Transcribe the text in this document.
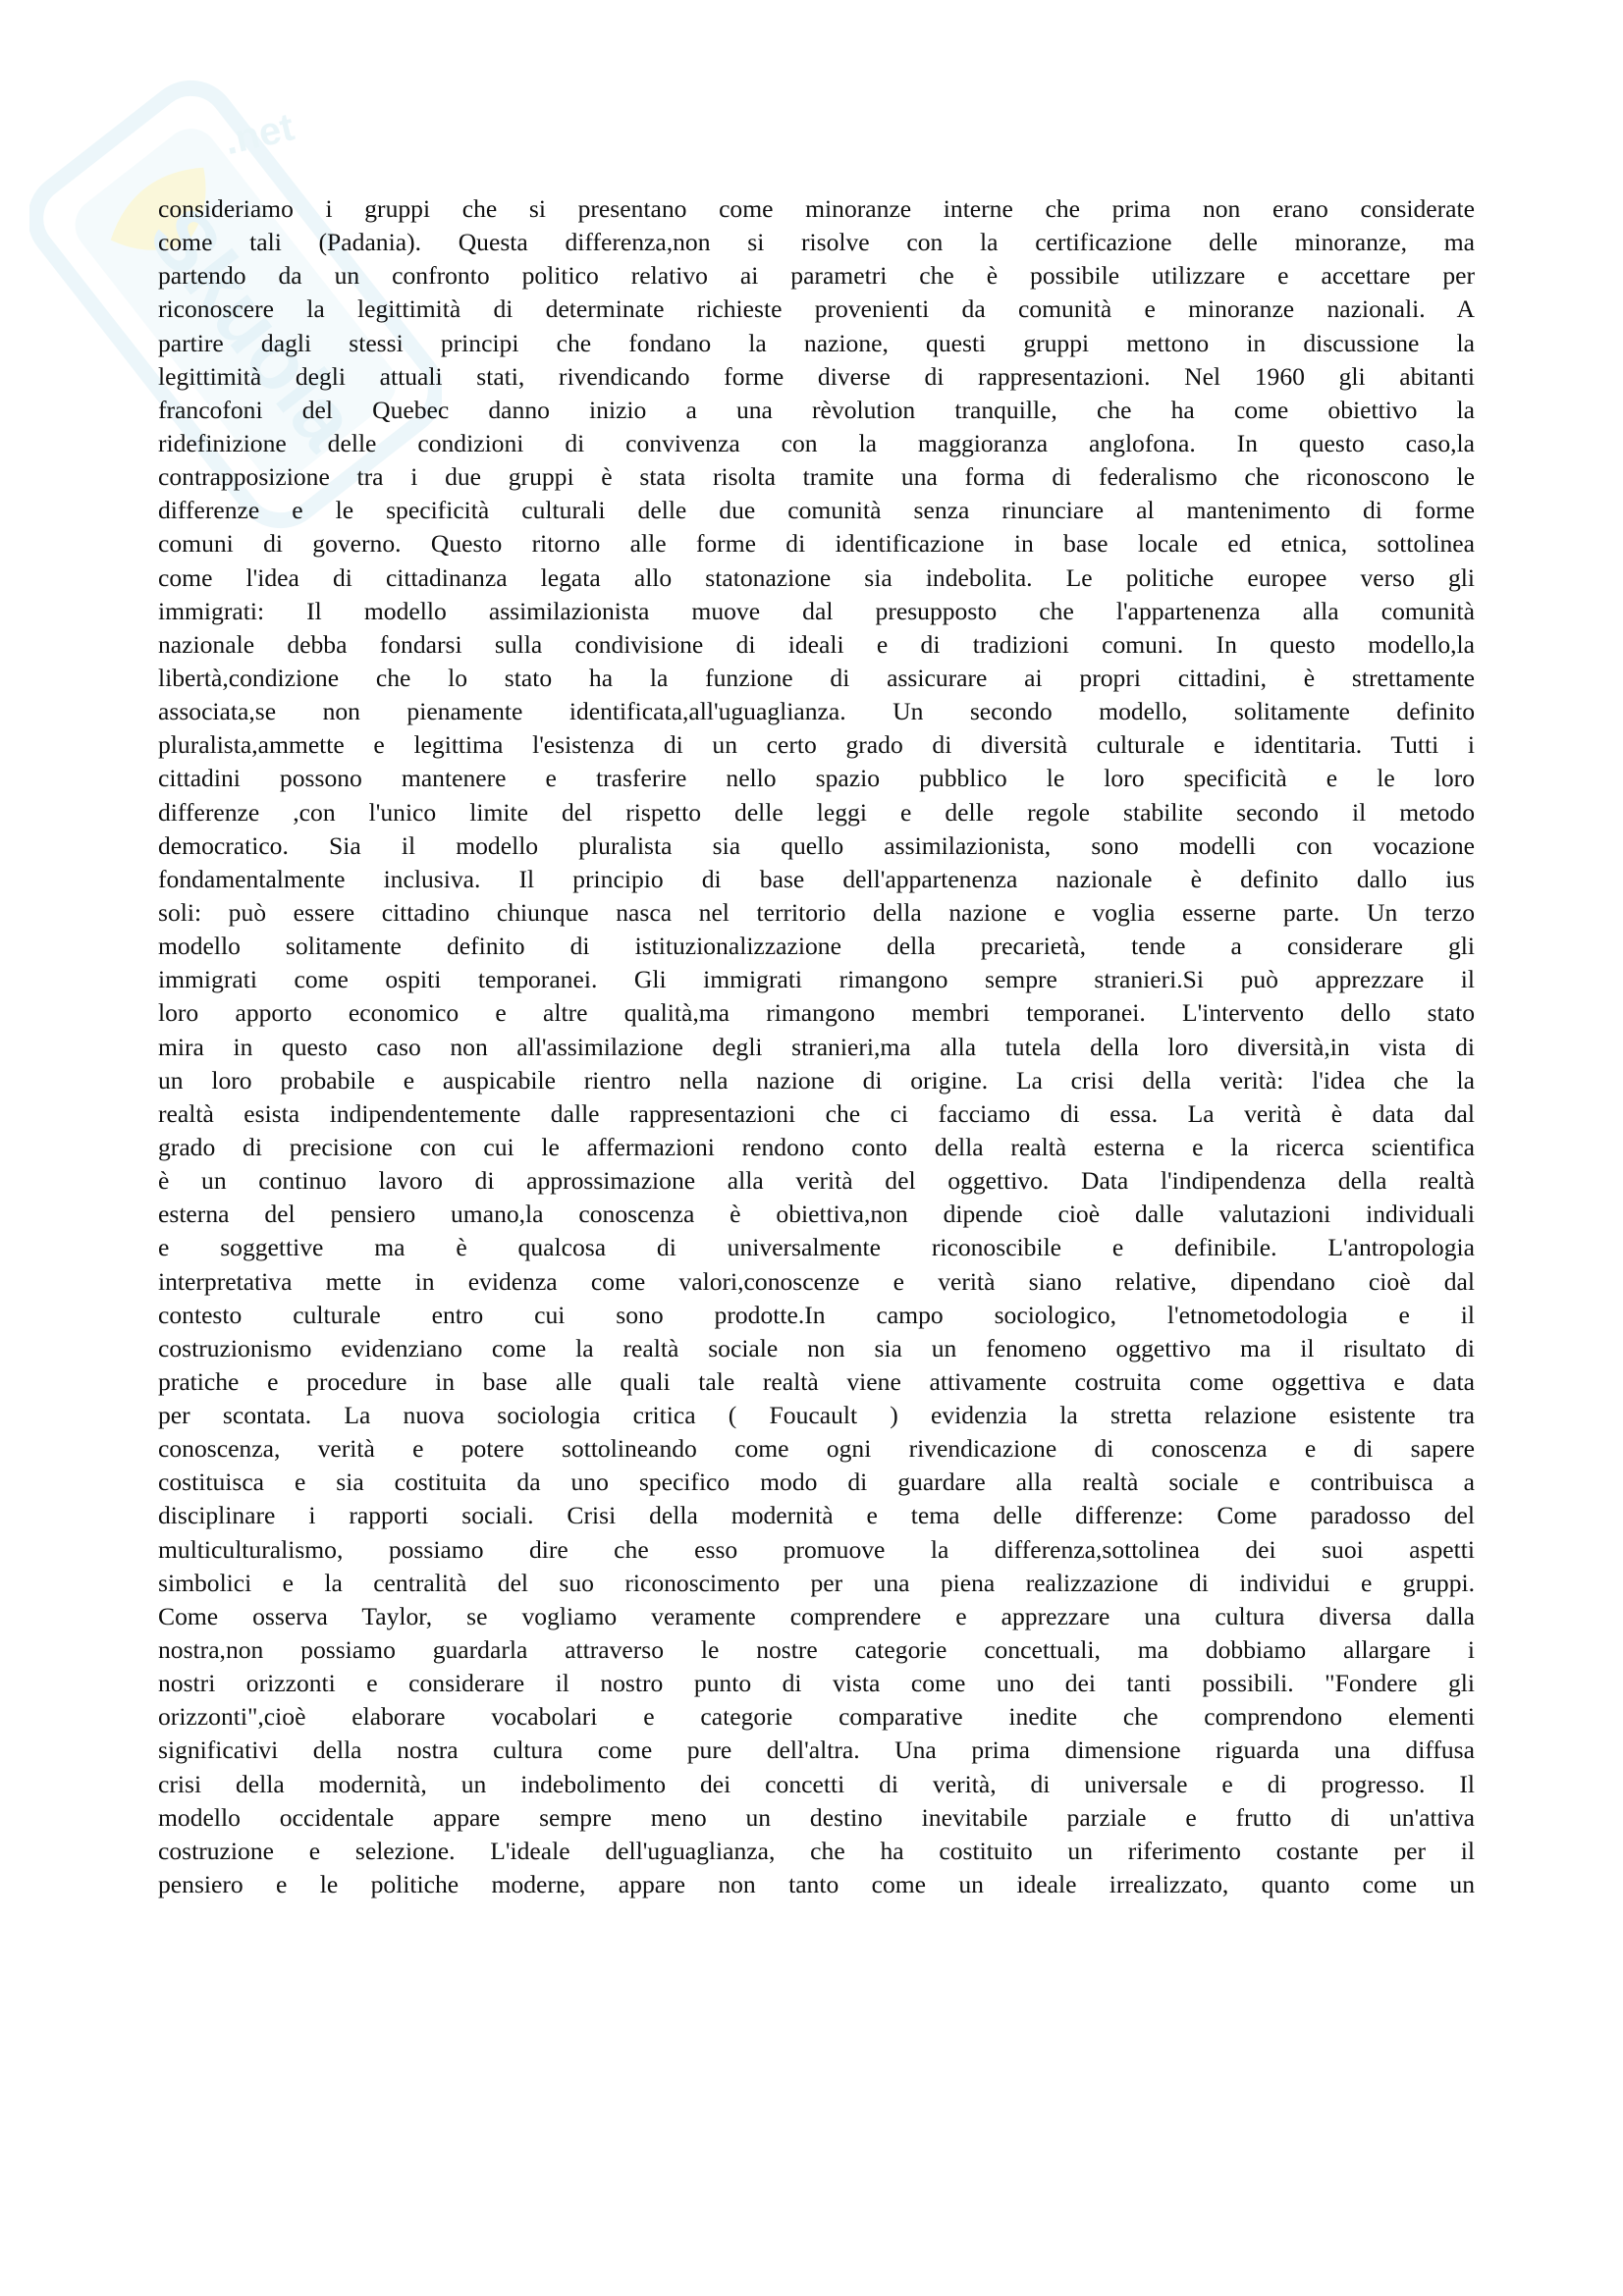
Skuola
.net
consideriamo i gruppi che si presentano come minoranze interne che prima non erano considerate
come tali (Padania). Questa differenza,non si risolve con la certificazione delle minoranze, ma
partendo da un confronto politico relativo ai parametri che è possibile utilizzare e accettare per
riconoscere la legittimità di determinate richieste provenienti da comunità e minoranze nazionali. A
partire dagli stessi principi che fondano la nazione, questi gruppi mettono in discussione la
legittimità degli attuali stati, rivendicando forme diverse di rappresentazioni. Nel 1960 gli abitanti
francofoni del Quebec danno inizio a una rèvolution tranquille, che ha come obiettivo la
ridefinizione delle condizioni di convivenza con la maggioranza anglofona. In questo caso,la
contrapposizione tra i due gruppi è stata risolta tramite una forma di federalismo che riconoscono le
differenze e le specificità culturali delle due comunità senza rinunciare al mantenimento di forme
comuni di governo. Questo ritorno alle forme di identificazione in base locale ed etnica, sottolinea
come l'idea di cittadinanza legata allo statonazione sia indebolita. Le politiche europee verso gli
immigrati: Il modello assimilazionista muove dal presupposto che l'appartenenza alla comunità
nazionale debba fondarsi sulla condivisione di ideali e di tradizioni comuni. In questo modello,la
libertà,condizione che lo stato ha la funzione di assicurare ai propri cittadini, è strettamente
associata,se non pienamente identificata,all'uguaglianza. Un secondo modello, solitamente definito
pluralista,ammette e legittima l'esistenza di un certo grado di diversità culturale e identitaria. Tutti i
cittadini possono mantenere e trasferire nello spazio pubblico le loro specificità e le loro
differenze ,con l'unico limite del rispetto delle leggi e delle regole stabilite secondo il metodo
democratico. Sia il modello pluralista sia quello assimilazionista, sono modelli con vocazione
fondamentalmente inclusiva. Il principio di base dell'appartenenza nazionale è definito dallo ius
soli: può essere cittadino chiunque nasca nel territorio della nazione e voglia esserne parte. Un terzo
modello solitamente definito di istituzionalizzazione della precarietà, tende a considerare gli
immigrati come ospiti temporanei. Gli immigrati rimangono sempre stranieri.Si può apprezzare il
loro apporto economico e altre qualità,ma rimangono membri temporanei. L'intervento dello stato
mira in questo caso non all'assimilazione degli stranieri,ma alla tutela della loro diversità,in vista di
un loro probabile e auspicabile rientro nella nazione di origine. La crisi della verità: l'idea che la
realtà esista indipendentemente dalle rappresentazioni che ci facciamo di essa. La verità è data dal
grado di precisione con cui le affermazioni rendono conto della realtà esterna e la ricerca scientifica
è un continuo lavoro di approssimazione alla verità del oggettivo. Data l'indipendenza della realtà
esterna del pensiero umano,la conoscenza è obiettiva,non dipende cioè dalle valutazioni individuali
e soggettive ma è qualcosa di universalmente riconoscibile e definibile. L'antropologia
interpretativa mette in evidenza come valori,conoscenze e verità siano relative, dipendano cioè dal
contesto culturale entro cui sono prodotte.In campo sociologico, l'etnometodologia e il
costruzionismo evidenziano come la realtà sociale non sia un fenomeno oggettivo ma il risultato di
pratiche e procedure in base alle quali tale realtà viene attivamente costruita come oggettiva e data
per scontata. La nuova sociologia critica ( Foucault ) evidenzia la stretta relazione esistente tra
conoscenza, verità e potere sottolineando come ogni rivendicazione di conoscenza e di sapere
costituisca e sia costituita da uno specifico modo di guardare alla realtà sociale e contribuisca a
disciplinare i rapporti sociali. Crisi della modernità e tema delle differenze: Come paradosso del
multiculturalismo, possiamo dire che esso promuove la differenza,sottolinea dei suoi aspetti
simbolici e la centralità del suo riconoscimento per una piena realizzazione di individui e gruppi.
Come osserva Taylor, se vogliamo veramente comprendere e apprezzare una cultura diversa dalla
nostra,non possiamo guardarla attraverso le nostre categorie concettuali, ma dobbiamo allargare i
nostri orizzonti e considerare il nostro punto di vista come uno dei tanti possibili. "Fondere gli
orizzonti",cioè elaborare vocabolari e categorie comparative inedite che comprendono elementi
significativi della nostra cultura come pure dell'altra. Una prima dimensione riguarda una diffusa
crisi della modernità, un indebolimento dei concetti di verità, di universale e di progresso. Il
modello occidentale appare sempre meno un destino inevitabile parziale e frutto di un'attiva
costruzione e selezione. L'ideale dell'uguaglianza, che ha costituito un riferimento costante per il
pensiero e le politiche moderne, appare non tanto come un ideale irrealizzato, quanto come un
